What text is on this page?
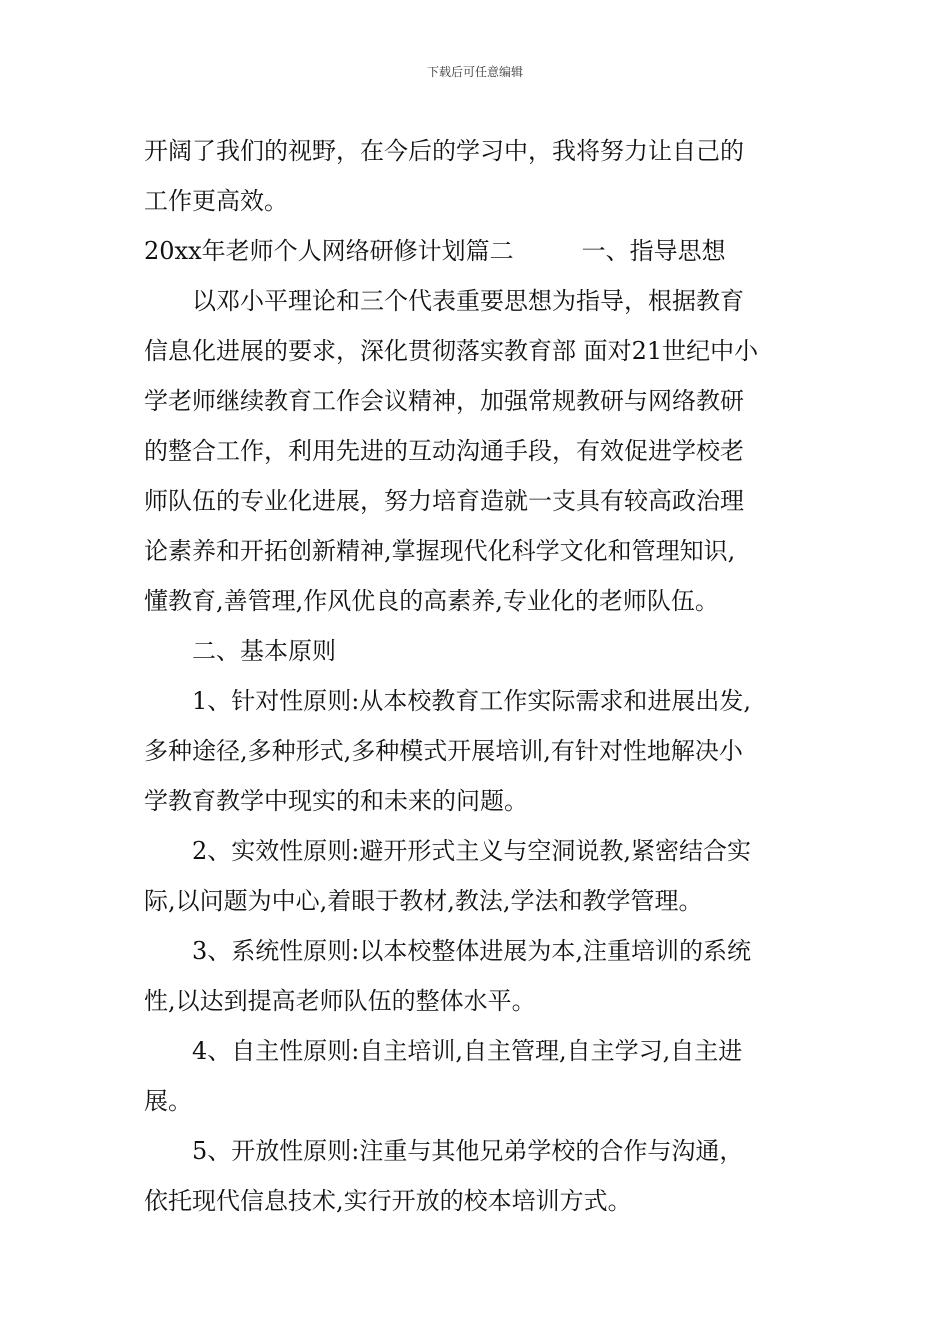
下载后可任意编辑
开阔了我们的视野，在今后的学习中，我将努力让自己的
工作更高效。
20xx年老师个人网络研修计划篇二	一、指导思想
以邓小平理论和三个代表重要思想为指导，根据教育
信息化进展的要求，深化贯彻落实教育部 面对21世纪中小
学老师继续教育工作会议精神，加强常规教研与网络教研
的整合工作，利用先进的互动沟通手段，有效促进学校老
师队伍的专业化进展，努力培育造就一支具有较高政治理
论素养和开拓创新精神,掌握现代化科学文化和管理知识,
懂教育,善管理,作风优良的高素养,专业化的老师队伍。
二、基本原则
1、针对性原则:从本校教育工作实际需求和进展出发,
多种途径,多种形式,多种模式开展培训,有针对性地解决小
学教育教学中现实的和未来的问题。
2、实效性原则:避开形式主义与空洞说教,紧密结合实
际,以问题为中心,着眼于教材,教法,学法和教学管理。
3、系统性原则:以本校整体进展为本,注重培训的系统
性,以达到提高老师队伍的整体水平。
4、自主性原则:自主培训,自主管理,自主学习,自主进
展。
5、开放性原则:注重与其他兄弟学校的合作与沟通，
依托现代信息技术,实行开放的校本培训方式。
